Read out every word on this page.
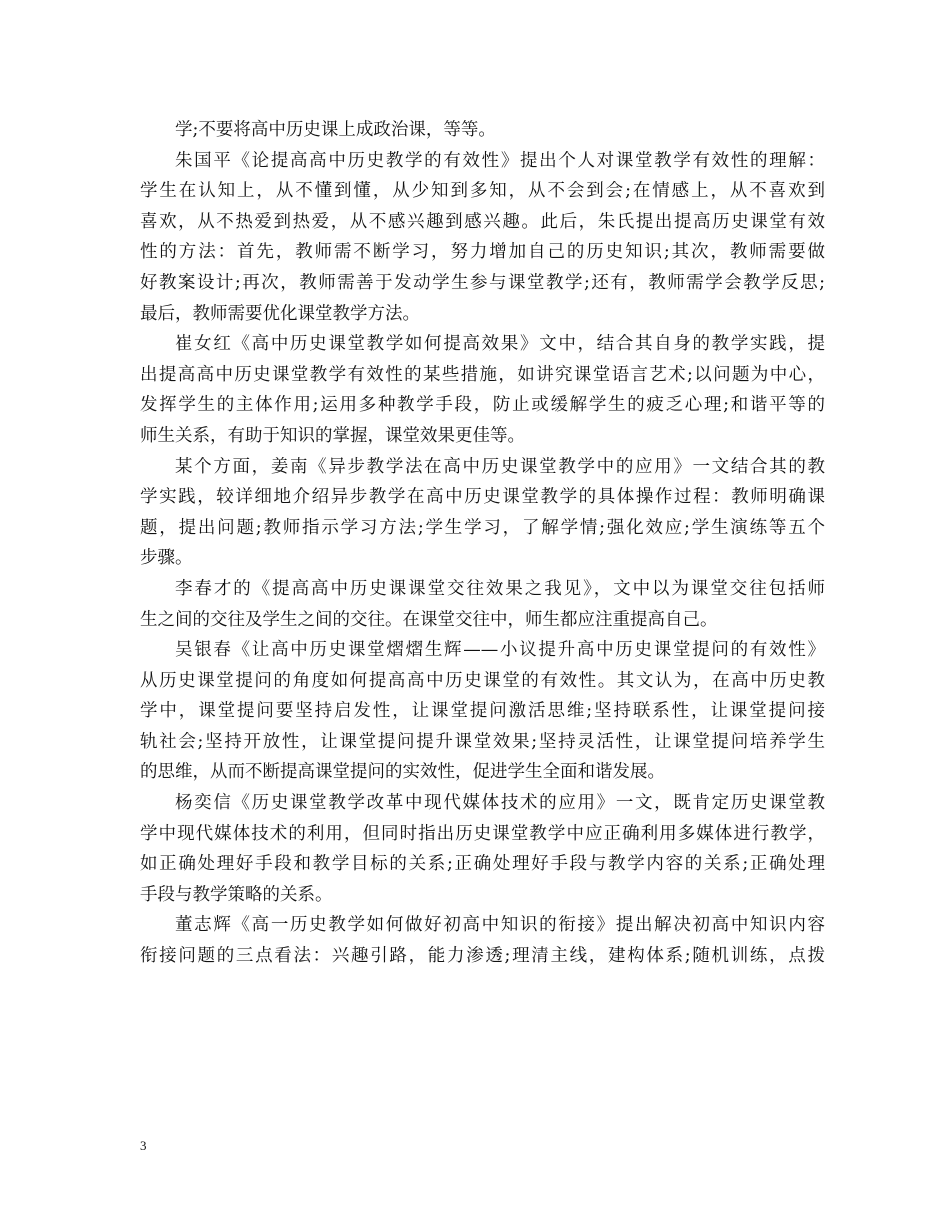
学;不要将高中历史课上成政治课，等等。
朱国平《论提高高中历史教学的有效性》提出个人对课堂教学有效性的理解：
学生在认知上，从不懂到懂，从少知到多知，从不会到会;在情感上，从不喜欢到
喜欢，从不热爱到热爱，从不感兴趣到感兴趣。此后，朱氏提出提高历史课堂有效
性的方法：首先，教师需不断学习，努力增加自己的历史知识;其次，教师需要做
好教案设计;再次，教师需善于发动学生参与课堂教学;还有，教师需学会教学反思;
最后，教师需要优化课堂教学方法。
崔女红《高中历史课堂教学如何提高效果》文中，结合其自身的教学实践，提
出提高高中历史课堂教学有效性的某些措施，如讲究课堂语言艺术;以问题为中心，
发挥学生的主体作用;运用多种教学手段，防止或缓解学生的疲乏心理;和谐平等的
师生关系，有助于知识的掌握，课堂效果更佳等。
某个方面，姜南《异步教学法在高中历史课堂教学中的应用》一文结合其的教
学实践，较详细地介绍异步教学在高中历史课堂教学的具体操作过程：教师明确课
题，提出问题;教师指示学习方法;学生学习，了解学情;强化效应;学生演练等五个
步骤。
李春才的《提高高中历史课课堂交往效果之我见》，文中以为课堂交往包括师
生之间的交往及学生之间的交往。在课堂交往中，师生都应注重提高自己。
吴银春《让高中历史课堂熠熠生辉——小议提升高中历史课堂提问的有效性》
从历史课堂提问的角度如何提高高中历史课堂的有效性。其文认为，在高中历史教
学中，课堂提问要坚持启发性，让课堂提问激活思维;坚持联系性，让课堂提问接
轨社会;坚持开放性，让课堂提问提升课堂效果;坚持灵活性，让课堂提问培养学生
的思维，从而不断提高课堂提问的实效性，促进学生全面和谐发展。
杨奕信《历史课堂教学改革中现代媒体技术的应用》一文，既肯定历史课堂教
学中现代媒体技术的利用，但同时指出历史课堂教学中应正确利用多媒体进行教学，
如正确处理好手段和教学目标的关系;正确处理好手段与教学内容的关系;正确处理
手段与教学策略的关系。
董志辉《高一历史教学如何做好初高中知识的衔接》提出解决初高中知识内容
衔接问题的三点看法：兴趣引路，能力渗透;理清主线，建构体系;随机训练，点拨
3
